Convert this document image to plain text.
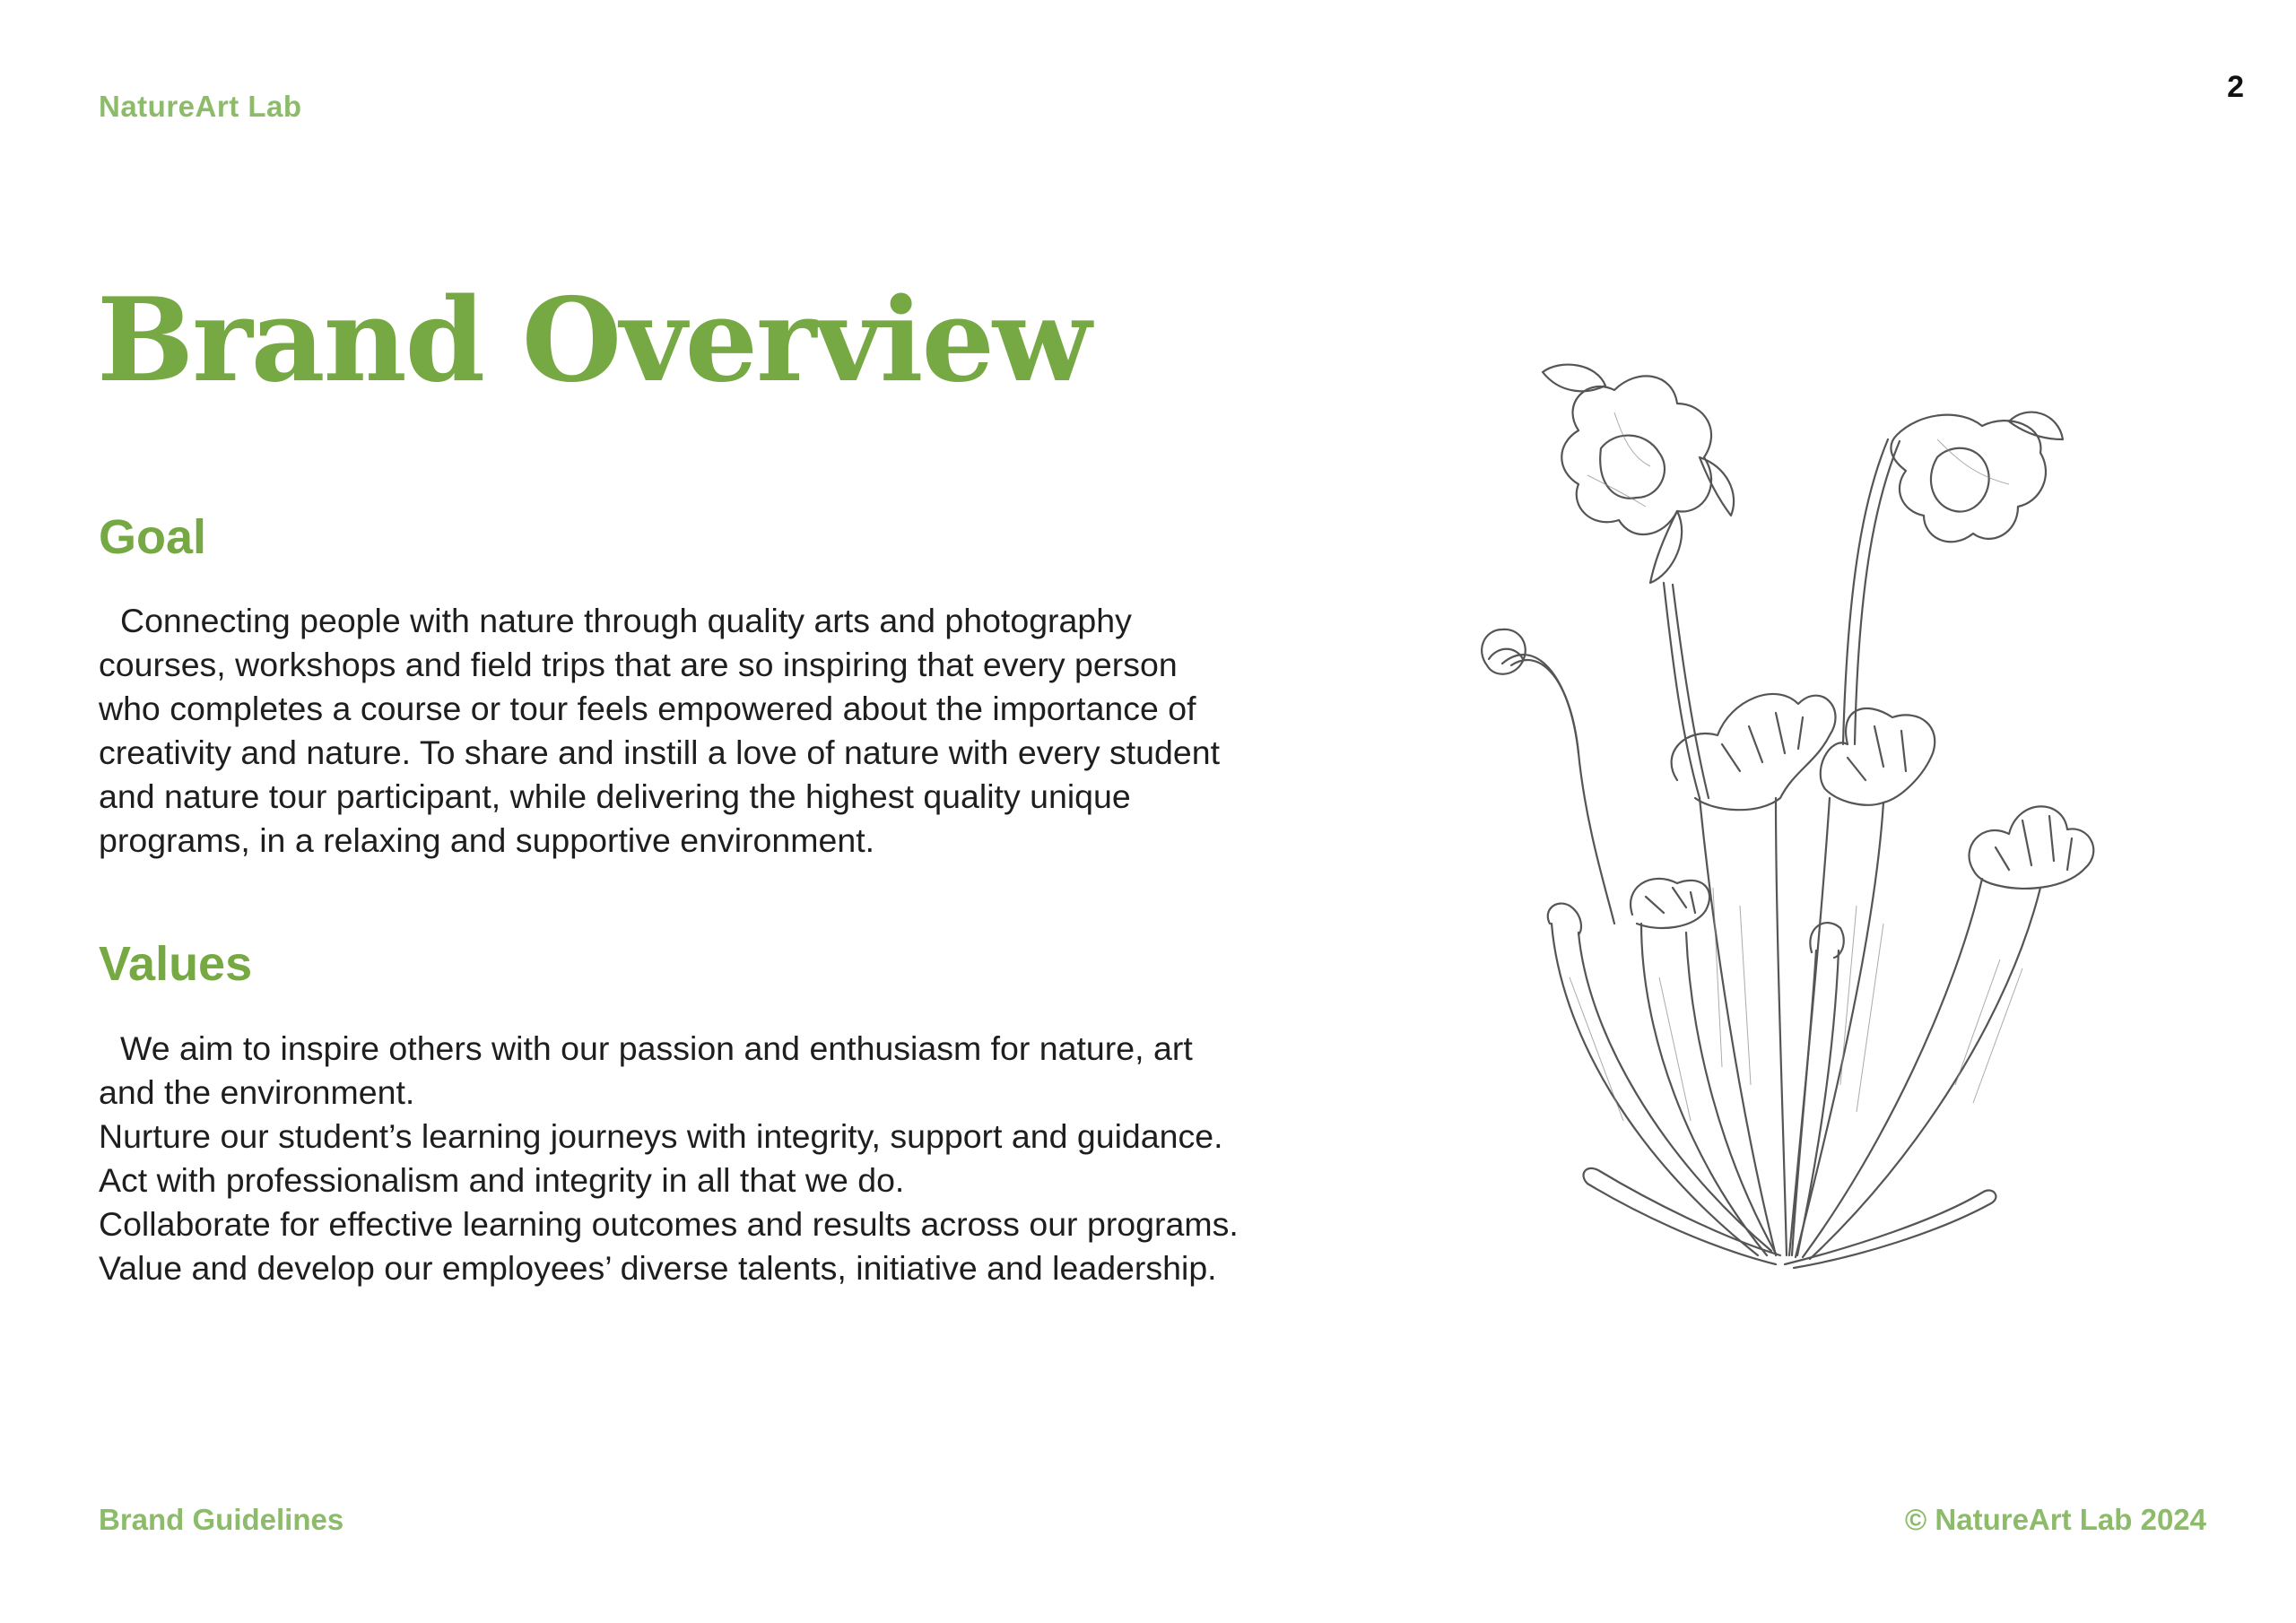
NatureArt Lab
2
Brand Overview
Goal

Connecting people with nature through quality arts and photography
courses, workshops and field trips that are so inspiring that every person
who completes a course or tour feels empowered about the importance of
creativity and nature. To share and instill a love of nature with every student
and nature tour participant, while delivering the highest quality unique
programs, in a relaxing and supportive environment.

Values

We aim to inspire others with our passion and enthusiasm for nature, art
and the environment.
Nurture our student’s learning journeys with integrity, support and guidance.
Act with professionalism and integrity in all that we do.
Collaborate for effective learning outcomes and results across our programs.
Value and develop our employees’ diverse talents, initiative and leadership.

Brand Guidelines	© NatureArt Lab 2024
